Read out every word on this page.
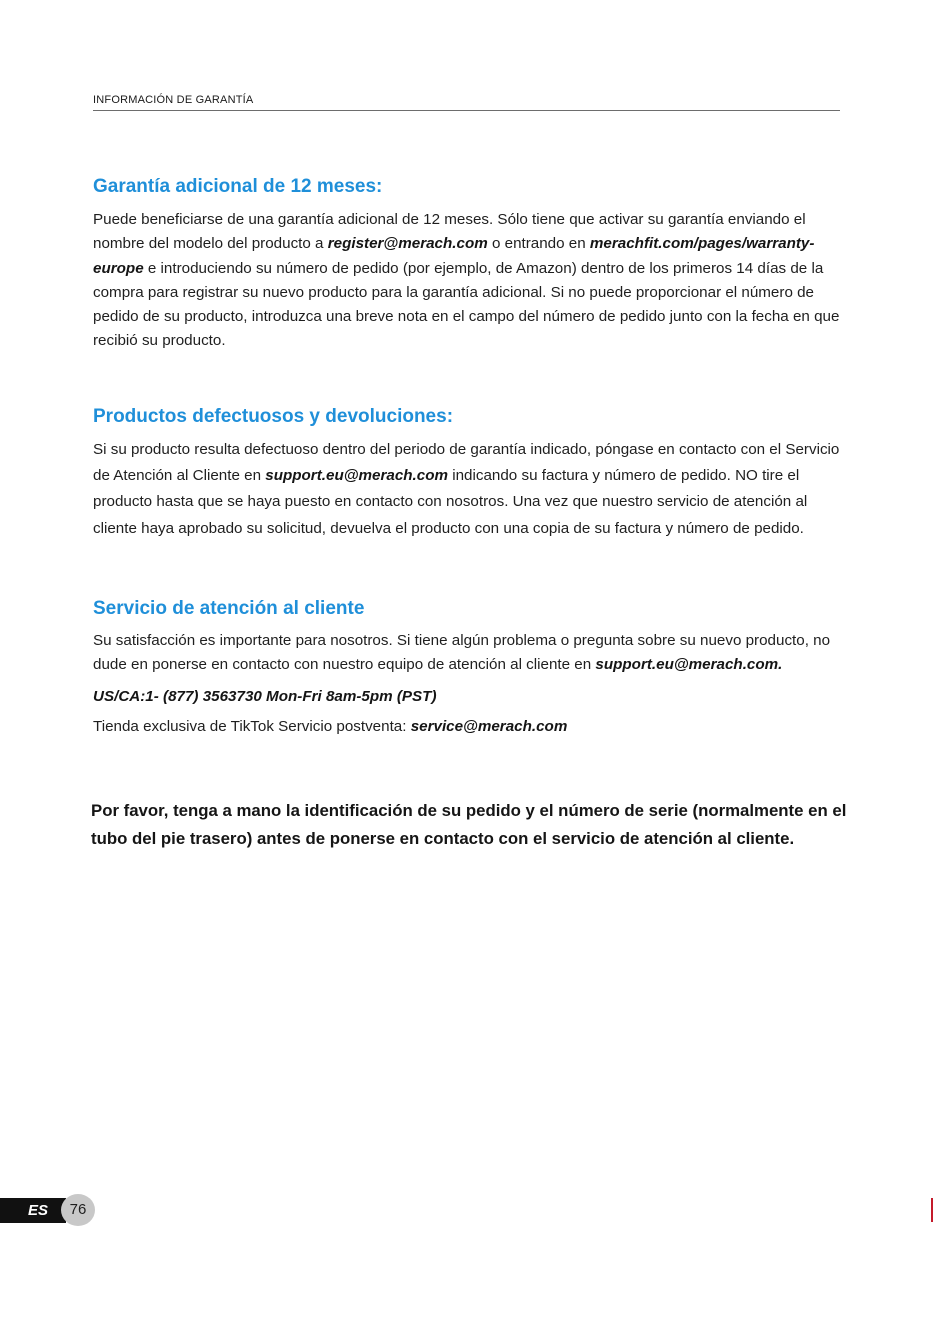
INFORMACIÓN DE GARANTÍA
Garantía adicional de 12 meses:

Puede beneficiarse de una garantía adicional de 12 meses. Sólo tiene que activar su garantía enviando el nombre del modelo del producto a register@merach.com o entrando en merachfit.com/pages/warranty-europe e introduciendo su número de pedido (por ejemplo, de Amazon) dentro de los primeros 14 días de la compra para registrar su nuevo producto para la garantía adicional. Si no puede proporcionar el número de pedido de su producto, introduzca una breve nota en el campo del número de pedido junto con la fecha en que recibió su producto.

Productos defectuosos y devoluciones:

Si su producto resulta defectuoso dentro del periodo de garantía indicado, póngase en contacto con el Servicio de Atención al Cliente en support.eu@merach.com indicando su factura y número de pedido. NO tire el producto hasta que se haya puesto en contacto con nosotros. Una vez que nuestro servicio de atención al cliente haya aprobado su solicitud, devuelva el producto con una copia de su factura y número de pedido.

Servicio de atención al cliente

Su satisfacción es importante para nosotros. Si tiene algún problema o pregunta sobre su nuevo producto, no dude en ponerse en contacto con nuestro equipo de atención al cliente en support.eu@merach.com.

US/CA:1- (877) 3563730 Mon-Fri 8am-5pm (PST)

Tienda exclusiva de TikTok Servicio postventa: service@merach.com

Por favor, tenga a mano la identificación de su pedido y el número de serie (normalmente en el tubo del pie trasero) antes de ponerse en contacto con el servicio de atención al cliente.

ES	76
